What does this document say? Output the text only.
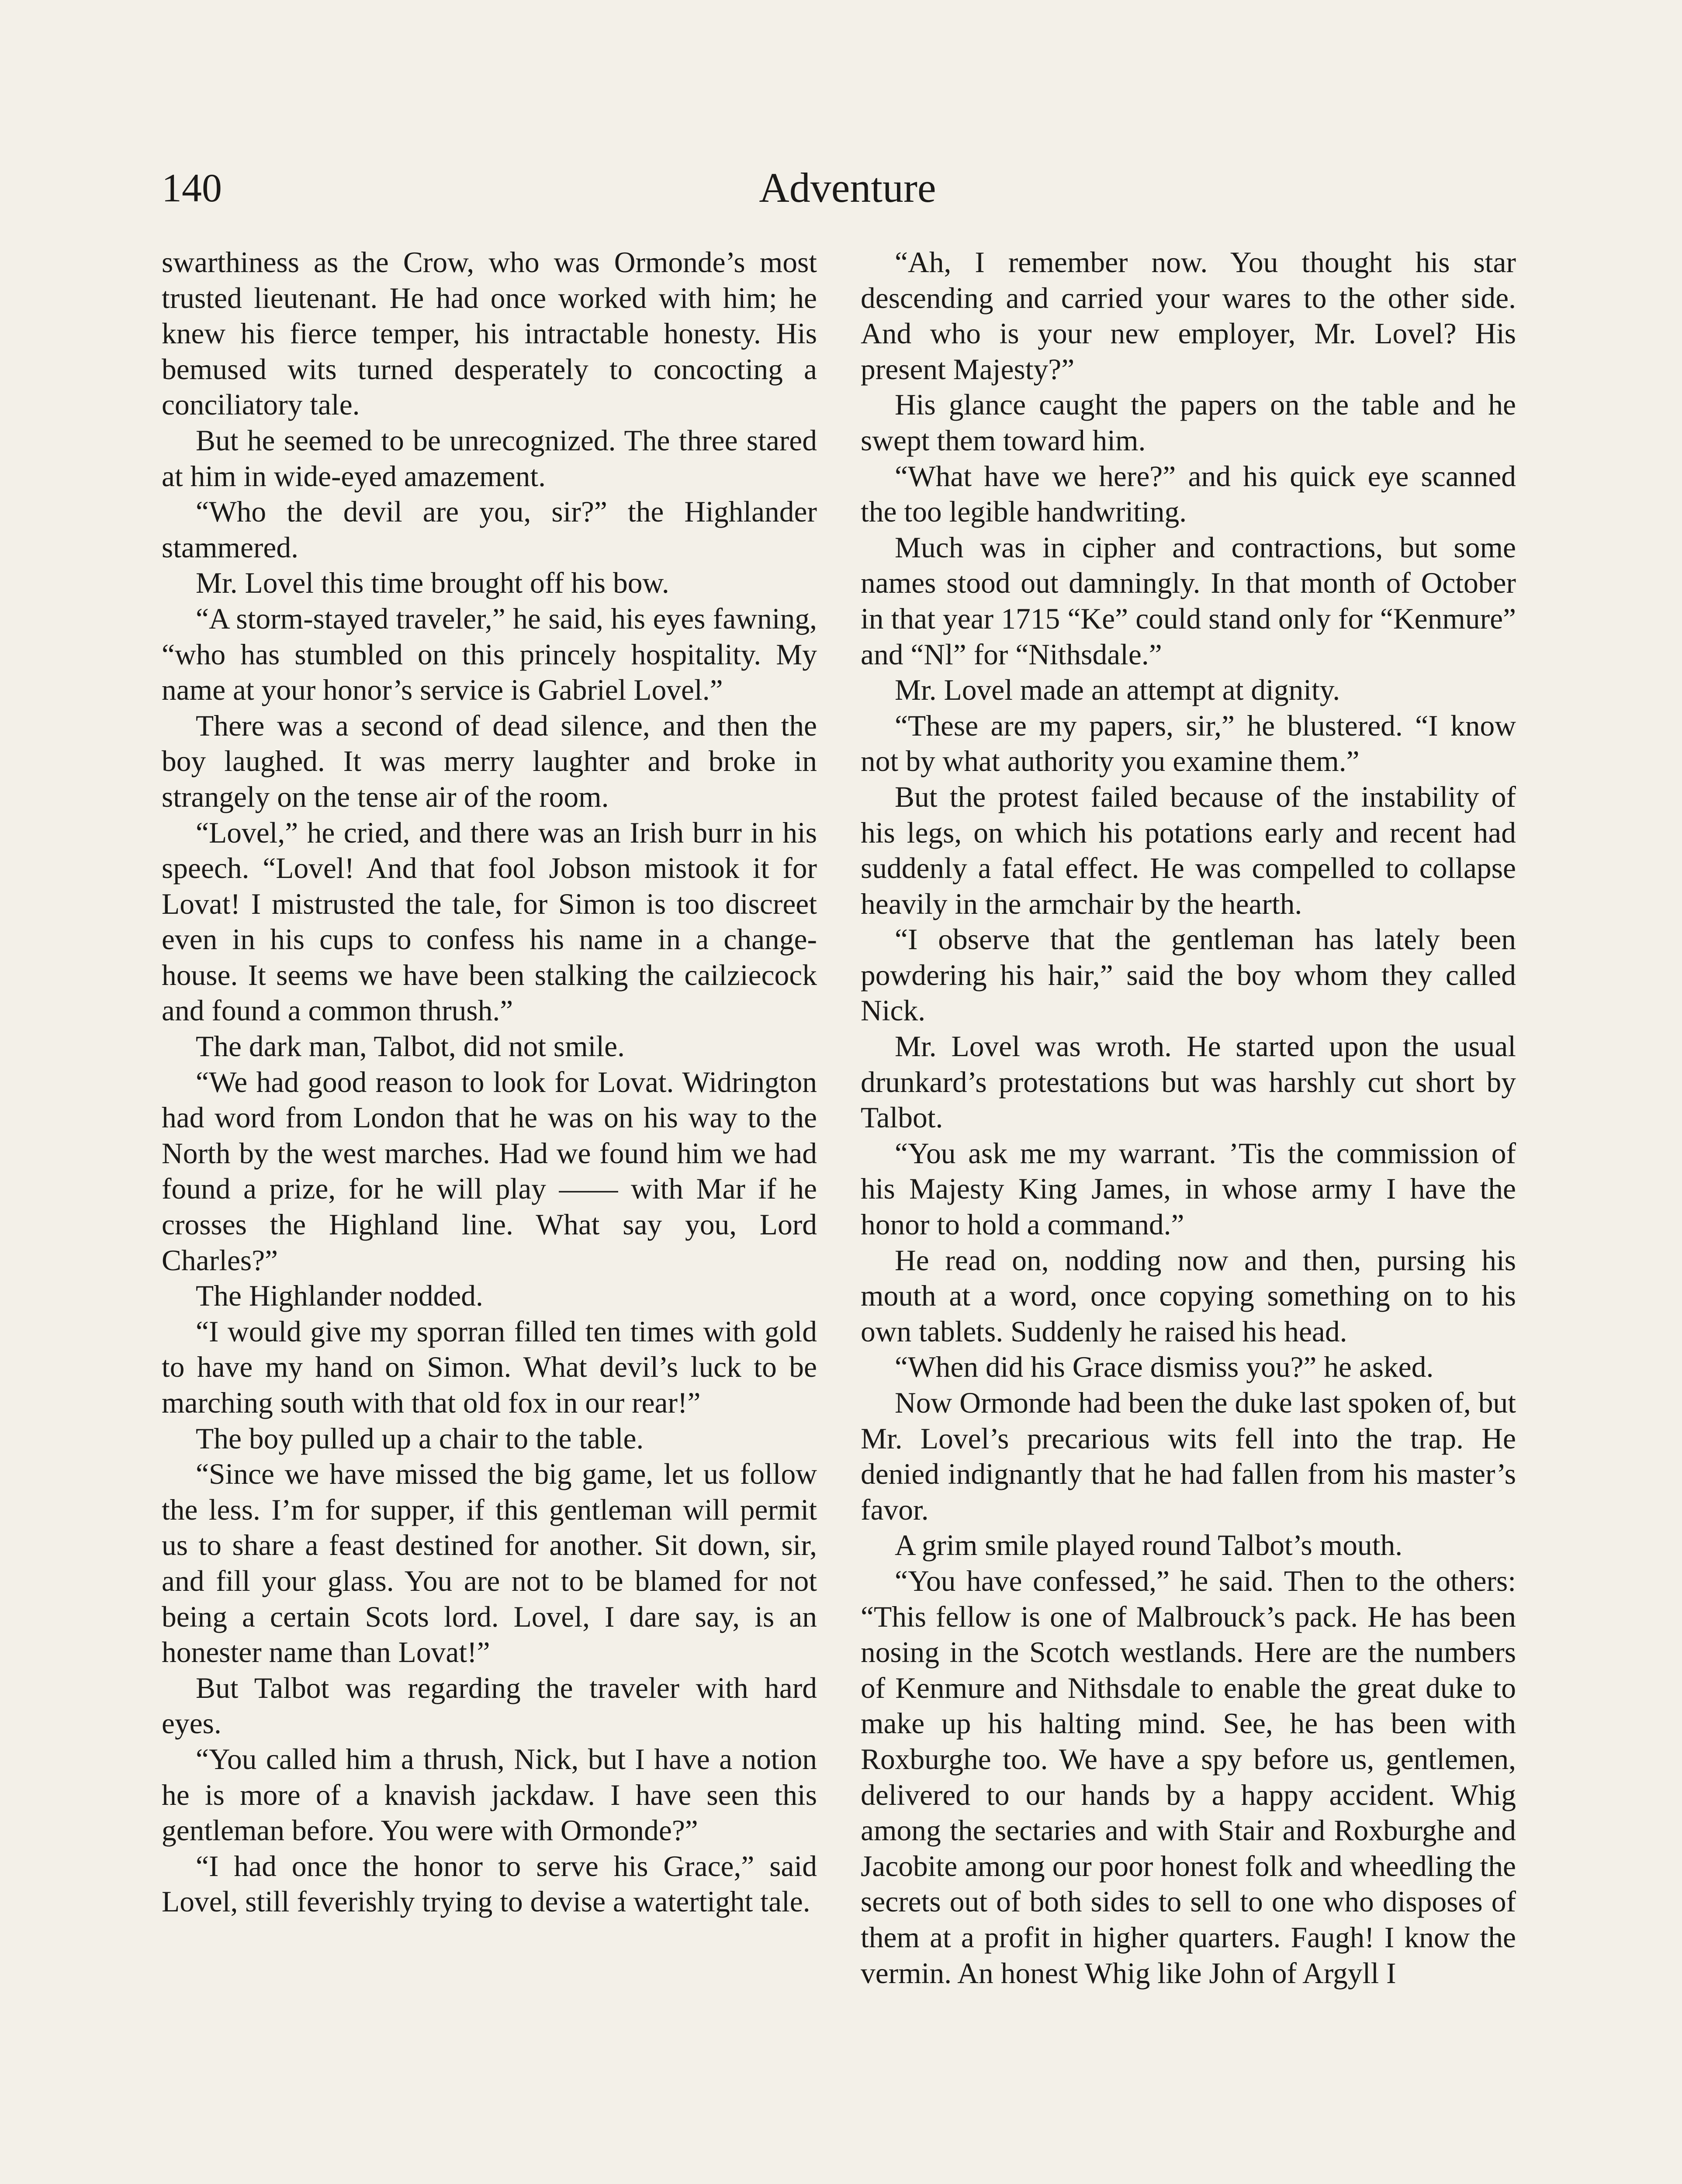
Adventure
140

swarthiness as the Crow, who was Ormonde’s most trusted lieutenant. He had once worked with him; he knew his fierce temper, his intractable honesty. His bemused wits turned desperately to concocting a conciliatory tale.

But he seemed to be unrecognized. The three stared at him in wide-eyed amazement.

“Who the devil are you, sir?” the Highlander stammered.

Mr. Lovel this time brought off his bow.

“A storm-stayed traveler,” he said, his eyes fawning, “who has stumbled on this princely hospitality. My name at your honor’s service is Gabriel Lovel.”

There was a second of dead silence, and then the boy laughed. It was merry laughter and broke in strangely on the tense air of the room.

“Lovel,” he cried, and there was an Irish burr in his speech. “Lovel! And that fool Jobson mistook it for Lovat! I mistrusted the tale, for Simon is too discreet even in his cups to confess his name in a change-house. It seems we have been stalking the cailziecock and found a common thrush.”

The dark man, Talbot, did not smile.

“We had good reason to look for Lovat. Widrington had word from London that he was on his way to the North by the west marches. Had we found him we had found a prize, for he will play —— with Mar if he crosses the Highland line. What say you, Lord Charles?”

The Highlander nodded.

“I would give my sporran filled ten times with gold to have my hand on Simon. What devil’s luck to be marching south with that old fox in our rear!”

The boy pulled up a chair to the table.

“Since we have missed the big game, let us follow the less. I’m for supper, if this gentleman will permit us to share a feast destined for another. Sit down, sir, and fill your glass. You are not to be blamed for not being a certain Scots lord. Lovel, I dare say, is an honester name than Lovat!”

But Talbot was regarding the traveler with hard eyes.

“You called him a thrush, Nick, but I have a notion he is more of a knavish jackdaw. I have seen this gentleman before. You were with Ormonde?”

“I had once the honor to serve his Grace,” said Lovel, still feverishly trying to devise a watertight tale.

“Ah, I remember now. You thought his star descending and carried your wares to the other side. And who is your new employer, Mr. Lovel? His present Majesty?”

His glance caught the papers on the table and he swept them toward him.

“What have we here?” and his quick eye scanned the too legible handwriting.

Much was in cipher and contractions, but some names stood out damningly. In that month of October in that year 1715 “Ke” could stand only for “Kenmure” and “Nl” for “Nithsdale.”

Mr. Lovel made an attempt at dignity.

“These are my papers, sir,” he blustered. “I know not by what authority you examine them.”

But the protest failed because of the instability of his legs, on which his potations early and recent had suddenly a fatal effect. He was compelled to collapse heavily in the armchair by the hearth.

“I observe that the gentleman has lately been powdering his hair,” said the boy whom they called Nick.

Mr. Lovel was wroth. He started upon the usual drunkard’s protestations but was harshly cut short by Talbot.

“You ask me my warrant. ’Tis the commission of his Majesty King James, in whose army I have the honor to hold a command.”

He read on, nodding now and then, pursing his mouth at a word, once copying something on to his own tablets. Suddenly he raised his head.

“When did his Grace dismiss you?” he asked.

Now Ormonde had been the duke last spoken of, but Mr. Lovel’s precarious wits fell into the trap. He denied indignantly that he had fallen from his master’s favor.

A grim smile played round Talbot’s mouth.

“You have confessed,” he said. Then to the others: “This fellow is one of Malbrouck’s pack. He has been nosing in the Scotch westlands. Here are the numbers of Kenmure and Nithsdale to enable the great duke to make up his halting mind. See, he has been with Roxburghe too. We have a spy before us, gentlemen, delivered to our hands by a happy accident. Whig among the sectaries and with Stair and Roxburghe and Jacobite among our poor honest folk and wheedling the secrets out of both sides to sell to one who disposes of them at a profit in higher quarters. Faugh! I know the vermin. An honest Whig like John of Argyll I
